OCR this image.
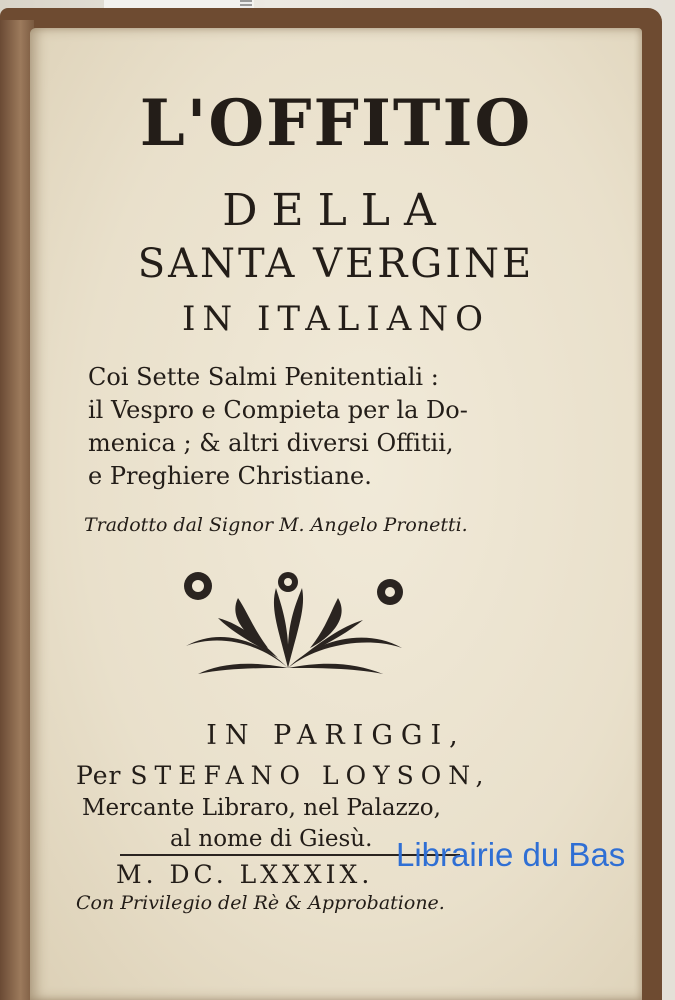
L'OFFITIO
DELLA
SANTA VERGINE
IN ITALIANO
Coi Sette Salmi Penitentiali :
il Vespro e Compieta per la Do-
menica ; & altri diversi Offitii,
e Preghiere Christiane.
Tradotto dal Signor M. Angelo Pronetti.
IN PARIGGI,
Per STEFANO LOYSON,
Mercante Libraro, nel Palazzo,
al nome di Giesù.
M. DC. LXXXIX.
Con Privilegio del Rè & Approbatione.
Librairie du Bas
